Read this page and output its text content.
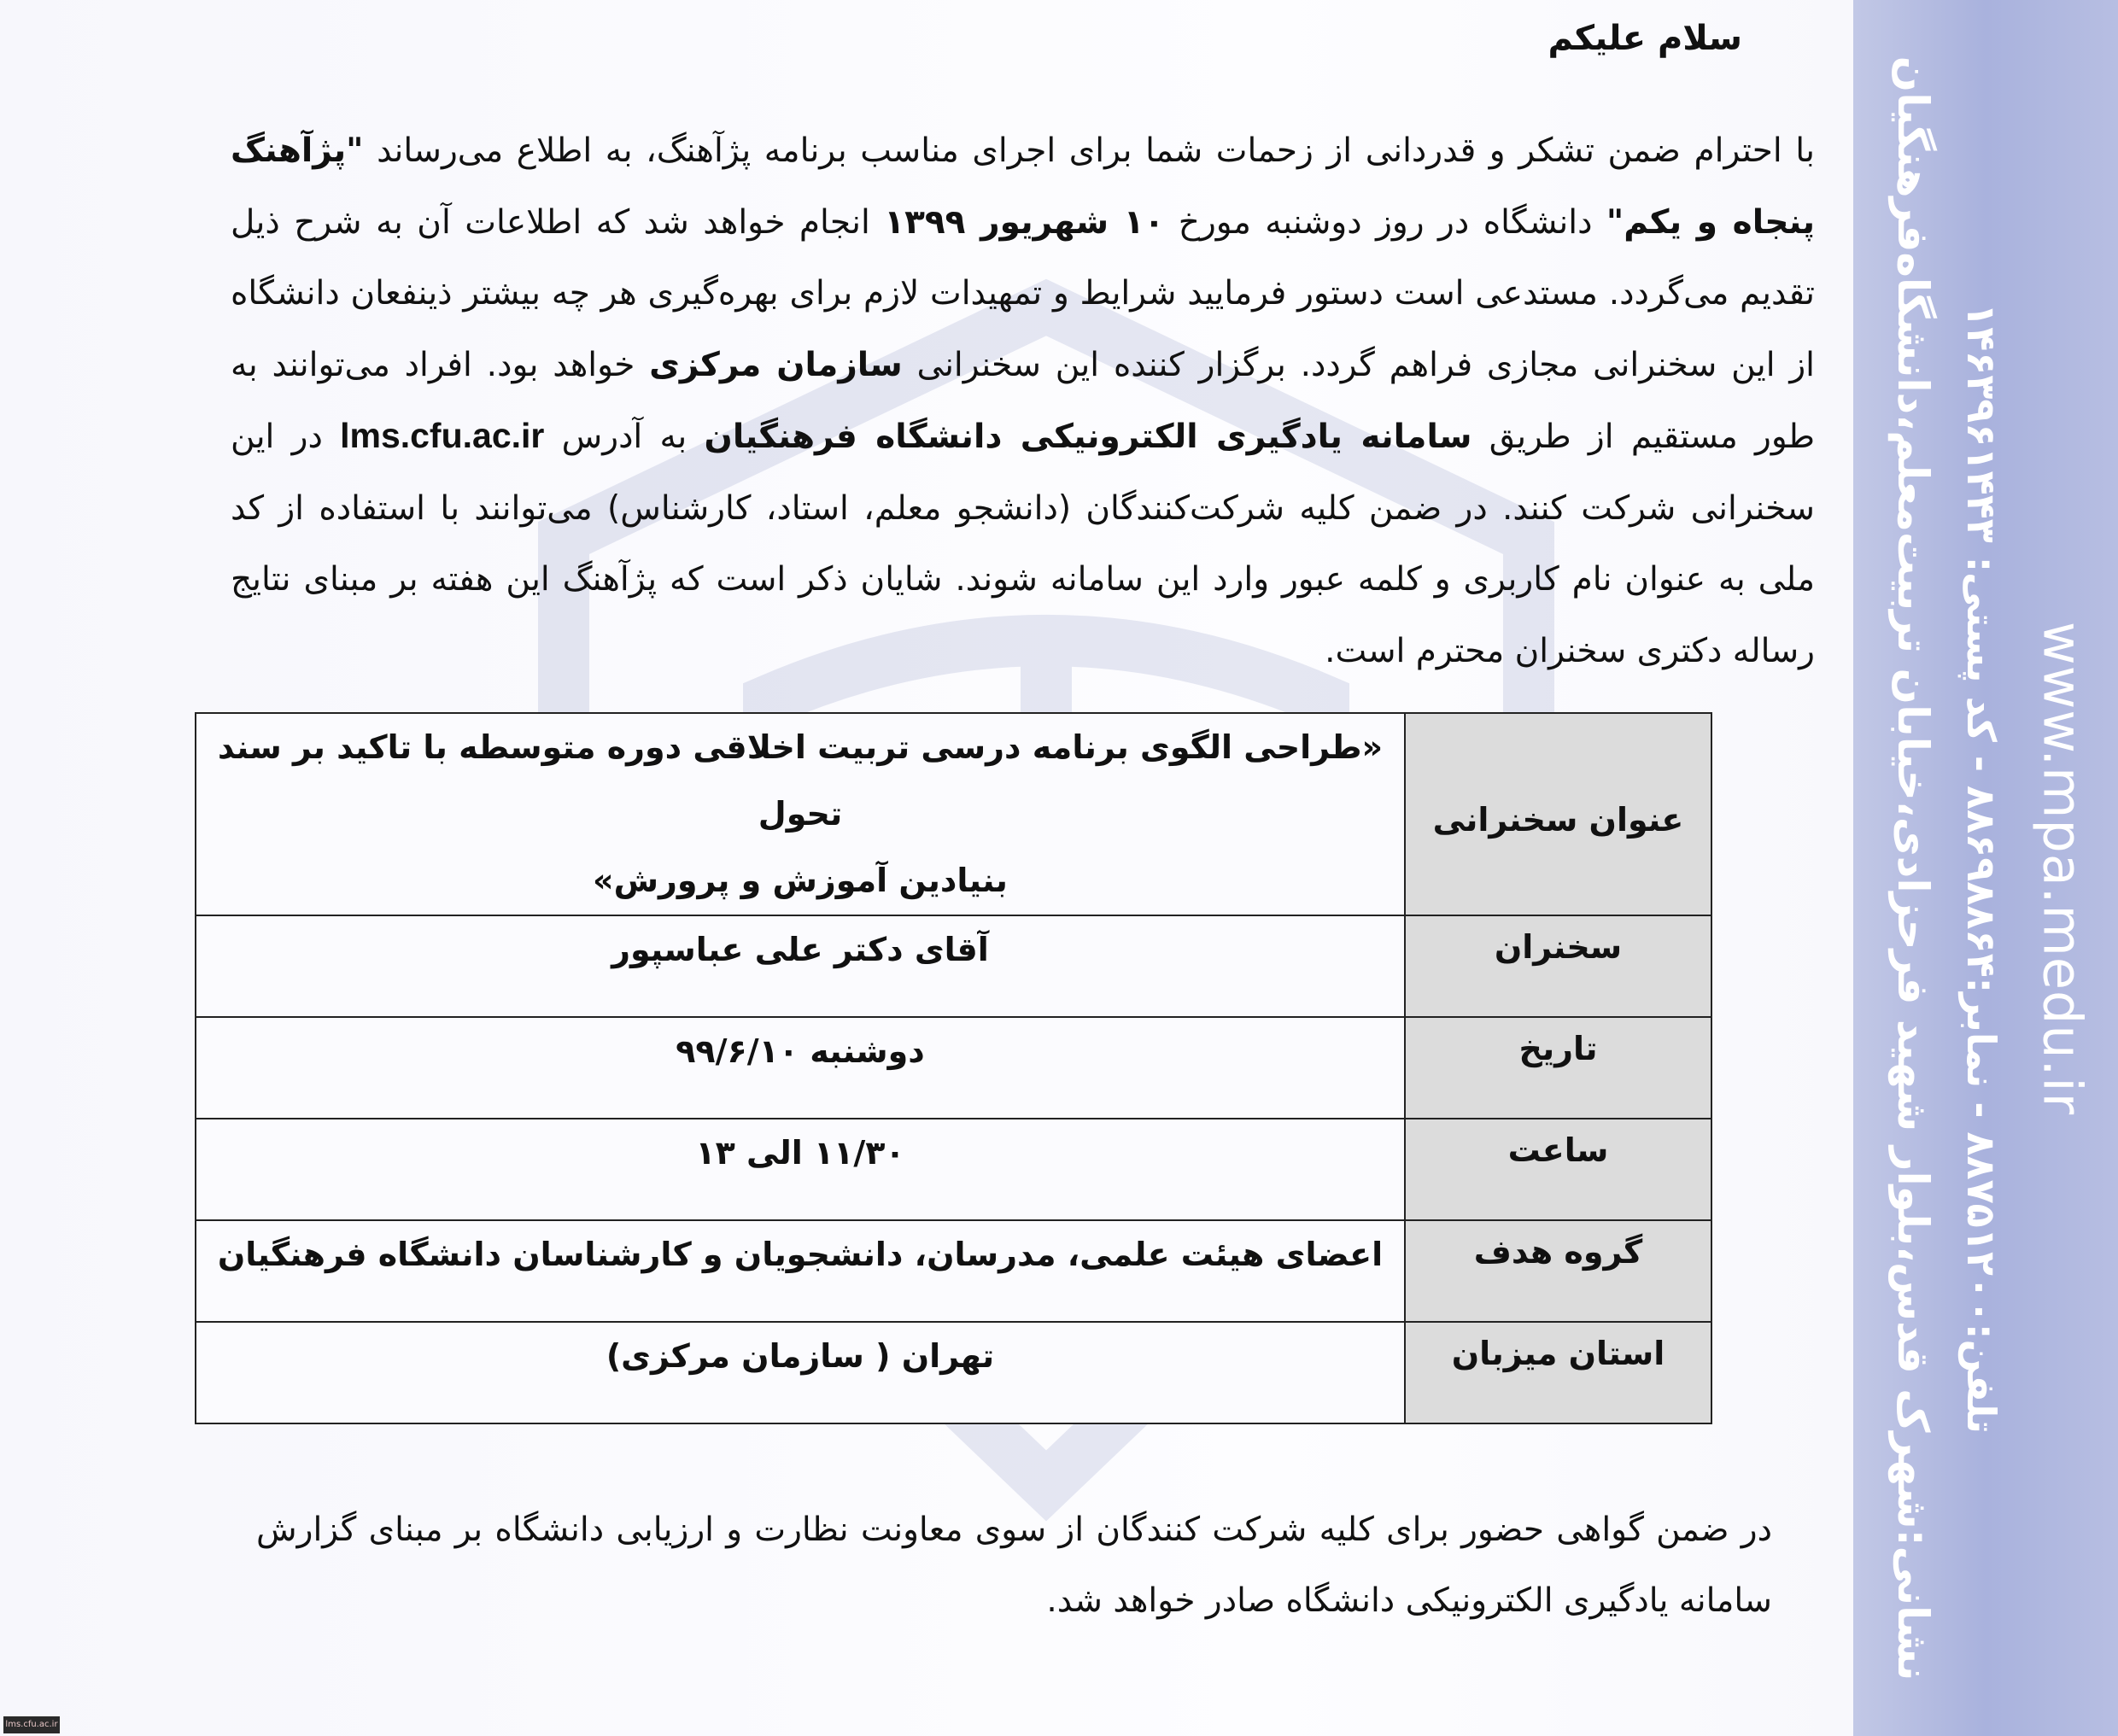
نشانی:شهرک قدس،بلوار شهید فرحزادی،خیابان تربیت‌معلم،دانشگاه‌فرهنگیان تلفن:۸۸۷۵۱۲۰۰ - نمابر:۸۸۶۹۸۸۶۴ - کد پستی: ۱۴۶۳۹۶۱۴۴۳
www.mpa.medu.ir
سلام علیکم
با احترام ضمن تشکر و قدردانی از زحمات شما برای اجرای مناسب برنامه پژآهنگ، به اطلاع می‌رساند "پژآهنگ پنجاه و یکم" دانشگاه در روز دوشنبه مورخ ۱۰ شهریور ۱۳۹۹ انجام خواهد شد که اطلاعات آن به شرح ذیل تقدیم می‌گردد. مستدعی است دستور فرمایید شرایط و تمهیدات لازم برای بهره‌گیری هر چه بیشتر ذینفعان دانشگاه از این سخنرانی مجازی فراهم گردد. برگزار کننده این سخنرانی سازمان مرکزی خواهد بود. افراد می‌توانند به طور مستقیم از طریق سامانه یادگیری الکترونیکی دانشگاه فرهنگیان به آدرس lms.cfu.ac.ir در این سخنرانی شرکت کنند. در ضمن کلیه شرکت‌کنندگان (دانشجو معلم، استاد، کارشناس) می‌توانند با استفاده از کد ملی به عنوان نام کاربری و کلمه عبور وارد این سامانه شوند. شایان ذکر است که پژآهنگ این هفته بر مبنای نتایج رساله دکتری سخنران محترم است.
عنوان سخنرانی	«طراحی الگوی برنامه درسی تربیت اخلاقی دوره متوسطه با تاکید بر سند تحول
بنیادین آموزش و پرورش»

سخنران	آقای دکتر علی عباسپور
تاریخ	دوشنبه ۹۹/۶/۱۰
ساعت	۱۱/۳۰ الی ۱۳
گروه هدف	اعضای هیئت علمی، مدرسان، دانشجویان و کارشناسان دانشگاه فرهنگیان
استان میزبان	تهران ( سازمان مرکزی)
در ضمن گواهی حضور برای کلیه شرکت کنندگان از سوی معاونت نظارت و ارزیابی دانشگاه بر مبنای گزارش سامانه یادگیری الکترونیکی دانشگاه صادر خواهد شد.
lms.cfu.ac.ir
